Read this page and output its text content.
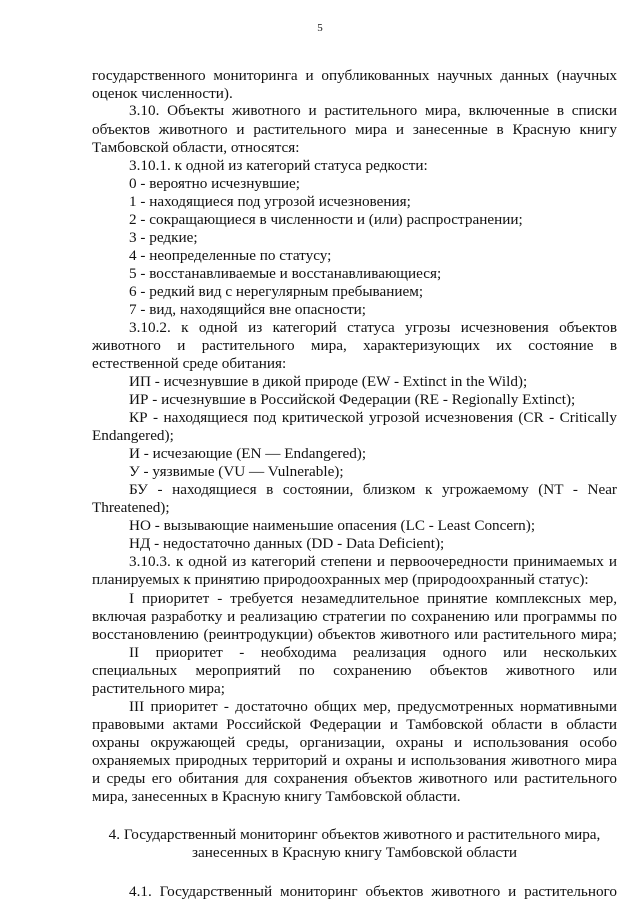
5
государственного мониторинга и опубликованных научных данных (научных
оценок численности).
3.10. Объекты животного и растительного мира, включенные в списки
объектов животного и растительного мира и занесенные в Красную книгу
Тамбовской области, относятся:
3.10.1. к одной из категорий статуса редкости:
0 - вероятно исчезнувшие;
1 - находящиеся под угрозой исчезновения;
2 - сокращающиеся в численности и (или) распространении;
3 - редкие;
4 - неопределенные по статусу;
5 - восстанавливаемые и восстанавливающиеся;
6 - редкий вид с нерегулярным пребыванием;
7 - вид, находящийся вне опасности;
3.10.2. к одной из категорий статуса угрозы исчезновения объектов
животного и растительного мира, характеризующих их состояние в
естественной среде обитания:
ИП - исчезнувшие в дикой природе (EW - Extinct in the Wild);
ИР - исчезнувшие в Российской Федерации (RE - Regionally Extinct);
КР - находящиеся под критической угрозой исчезновения (CR - Critically
Endangered);
И - исчезающие (EN — Endangered);
У - уязвимые (VU — Vulnerable);
БУ - находящиеся в состоянии, близком к угрожаемому (NT - Near
Threatened);
НО - вызывающие наименьшие опасения (LC - Least Concern);
НД - недостаточно данных (DD - Data Deficient);
3.10.3. к одной из категорий степени и первоочередности принимаемых и
планируемых к принятию природоохранных мер (природоохранный статус):
I приоритет - требуется незамедлительное принятие комплексных мер,
включая разработку и реализацию стратегии по сохранению или программы по
восстановлению (реинтродукции) объектов животного или растительного мира;
II приоритет - необходима реализация одного или нескольких
специальных мероприятий по сохранению объектов животного или
растительного мира;
III приоритет - достаточно общих мер, предусмотренных нормативными
правовыми актами Российской Федерации и Тамбовской области в области
охраны окружающей среды, организации, охраны и использования особо
охраняемых природных территорий и охраны и использования животного мира
и среды его обитания для сохранения объектов животного или растительного
мира, занесенных в Красную книгу Тамбовской области.
4. Государственный мониторинг объектов животного и растительного мира,
занесенных в Красную книгу Тамбовской области
4.1. Государственный мониторинг объектов животного и растительного
